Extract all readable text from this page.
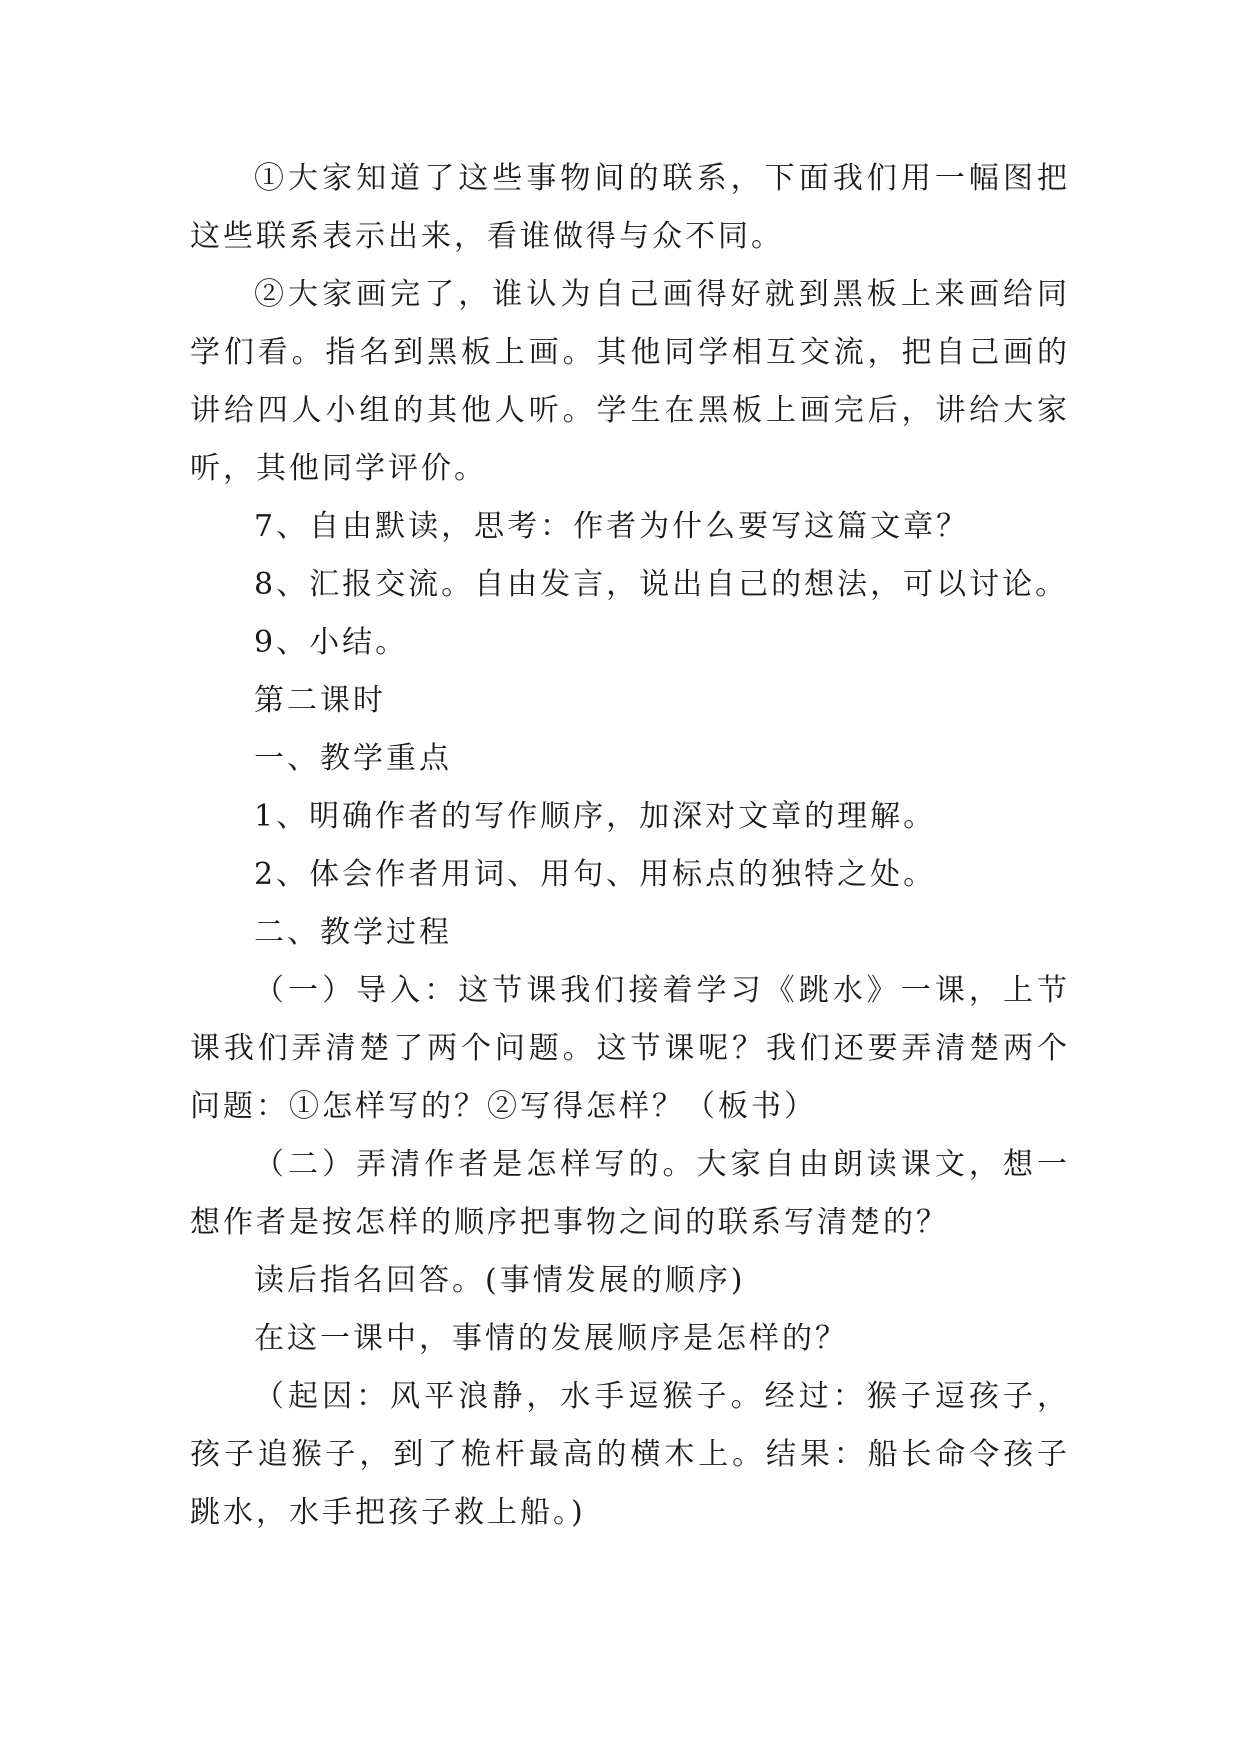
①大家知道了这些事物间的联系，下面我们用一幅图把这些联系表示出来，看谁做得与众不同。

②大家画完了，谁认为自己画得好就到黑板上来画给同学们看。指名到黑板上画。其他同学相互交流，把自己画的讲给四人小组的其他人听。学生在黑板上画完后，讲给大家听，其他同学评价。

7、自由默读，思考：作者为什么要写这篇文章？

8、汇报交流。自由发言，说出自己的想法，可以讨论。

9、小结。

第二课时

一、教学重点

1、明确作者的写作顺序，加深对文章的理解。

2、体会作者用词、用句、用标点的独特之处。

二、教学过程

（一）导入：这节课我们接着学习《跳水》一课，上节课我们弄清楚了两个问题。这节课呢？我们还要弄清楚两个问题：①怎样写的？②写得怎样？（板书）

（二）弄清作者是怎样写的。大家自由朗读课文，想一想作者是按怎样的顺序把事物之间的联系写清楚的？

读后指名回答。(事情发展的顺序)

在这一课中，事情的发展顺序是怎样的？

（起因：风平浪静，水手逗猴子。经过：猴子逗孩子，孩子追猴子，到了桅杆最高的横木上。结果：船长命令孩子跳水，水手把孩子救上船。)
